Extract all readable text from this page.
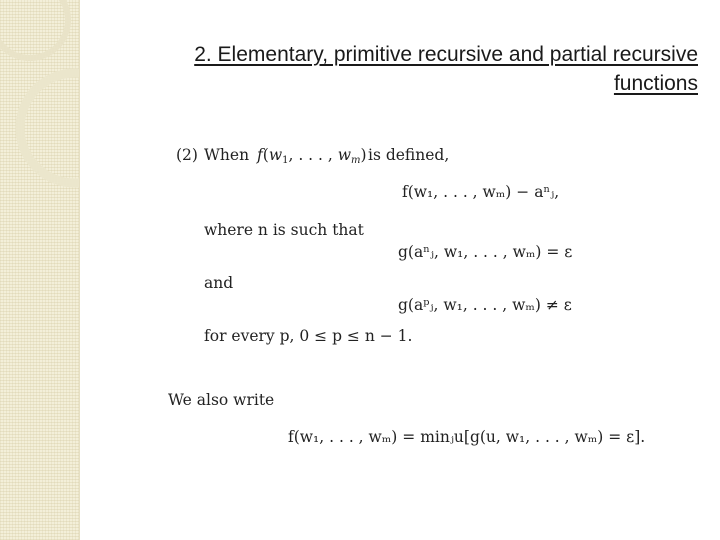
2. Elementary, primitive recursive and partial recursive
functions
(2) When $f(w_1$, . . . , $w_m$) is defined,
f(w₁, . . . , wₘ) − aⁿⱼ,
where n is such that
g(aⁿⱼ, w₁, . . . , wₘ) = ε
and
g(aᵖⱼ, w₁, . . . , wₘ) ≠ ε
for every p, 0 ≤ p ≤ n − 1.
We also write
f(w₁, . . . , wₘ) = minⱼu[g(u, w₁, . . . , wₘ) = ε].
